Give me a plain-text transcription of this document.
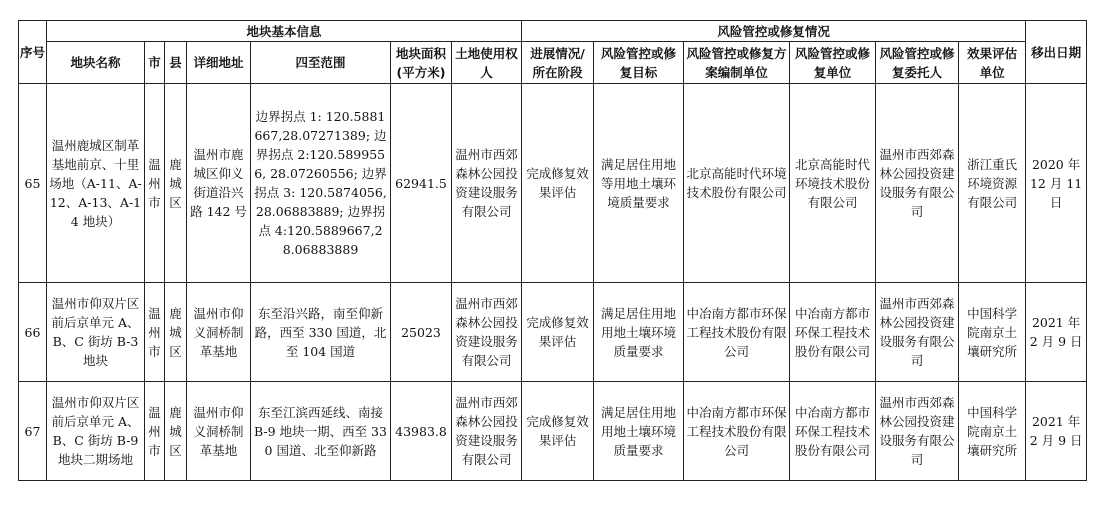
序号	地块基本信息							风险管控或修复情况						移出日期
	地块名称	市	县	详细地址	四至范围	地块面积(平方米)	土地使用权人	进展情况/所在阶段	风险管控或修复目标	风险管控或修复方案编制单位	风险管控或修复单位	风险管控或修复委托人	效果评估单位	
65	温州鹿城区制革基地前京、十里场地（A-11、A-12、A-13、A-14 地块）	温州市	鹿城区	温州市鹿城区仰义街道沿兴路 142 号	边界拐点 1: 120.5881667,28.07271389; 边界拐点 2:120.5899556, 28.07260556; 边界拐点 3: 120.5874056,28.06883889; 边界拐点 4:120.5889667,28.06883889	62941.5	温州市西郊森林公园投资建设服务有限公司	完成修复效果评估	满足居住用地等用地土壤环境质量要求	北京高能时代环境技术股份有限公司	北京高能时代环境技术股份有限公司	温州市西郊森林公园投资建设服务有限公司	浙江重氏环境资源有限公司	2020 年 12 月 11 日
66	温州市仰双片区前后京单元 A、B、C 街坊 B-3 地块	温州市	鹿城区	温州市仰义洞桥制革基地	东至沿兴路，南至仰新路，西至 330 国道，北至 104 国道	25023	温州市西郊森林公园投资建设服务有限公司	完成修复效果评估	满足居住用地用地土壤环境质量要求	中冶南方都市环保工程技术股份有限公司	中冶南方都市环保工程技术股份有限公司	温州市西郊森林公园投资建设服务有限公司	中国科学院南京土壤研究所	2021 年 2 月 9 日
67	温州市仰双片区前后京单元 A、B、C 街坊 B-9 地块二期场地	温州市	鹿城区	温州市仰义洞桥制革基地	东至江滨西延线、南接 B-9 地块一期、西至 330 国道、北至仰新路	43983.8	温州市西郊森林公园投资建设服务有限公司	完成修复效果评估	满足居住用地用地土壤环境质量要求	中冶南方都市环保工程技术股份有限公司	中冶南方都市环保工程技术股份有限公司	温州市西郊森林公园投资建设服务有限公司	中国科学院南京土壤研究所	2021 年 2 月 9 日
